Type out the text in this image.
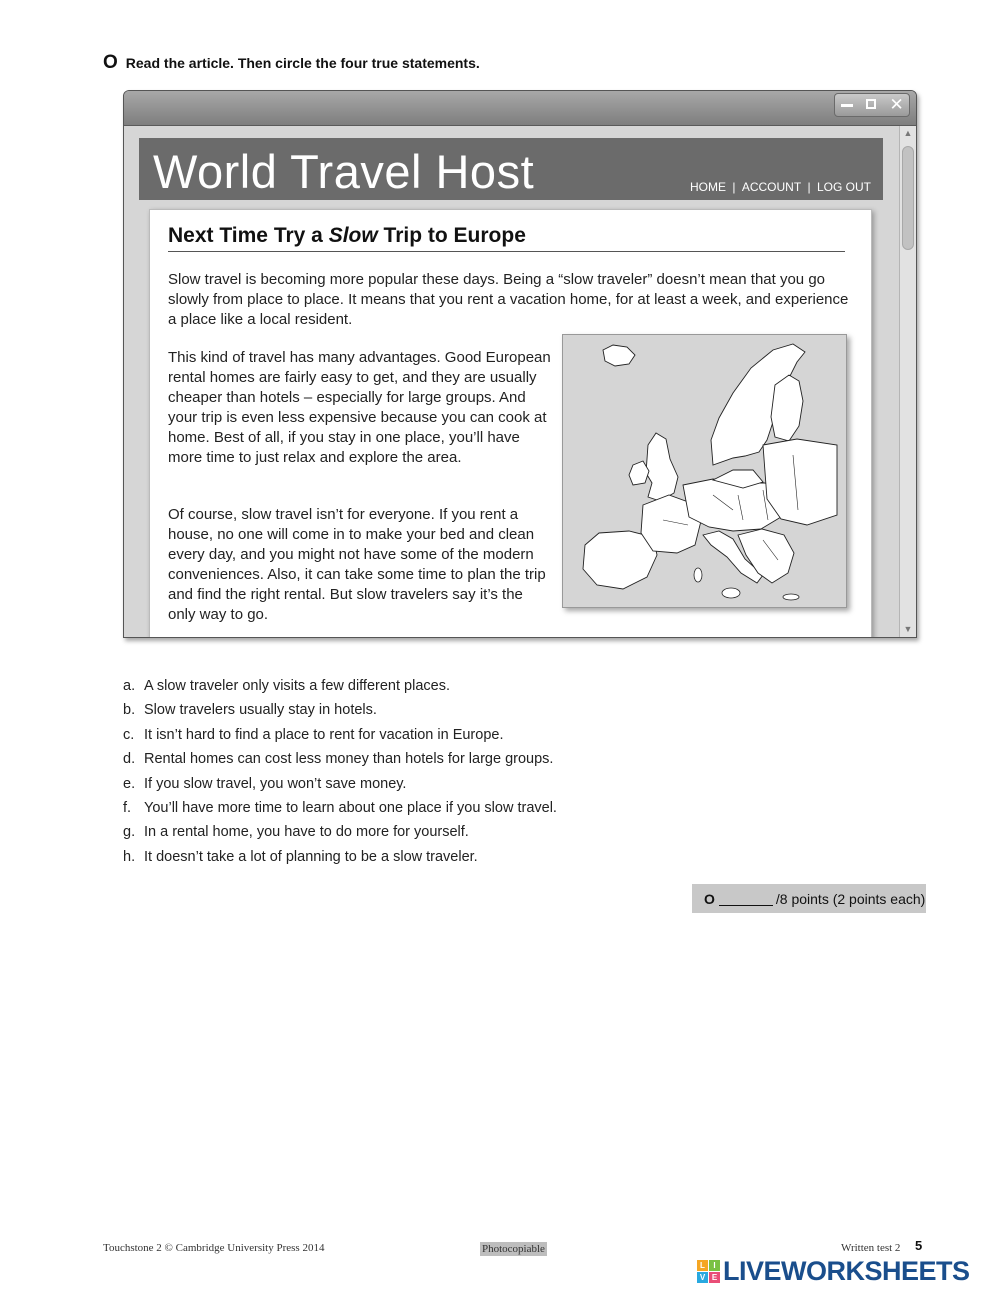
O Read the article. Then circle the four true statements.
✕
World Travel Host	HOME | ACCOUNT | LOG OUT
Next Time Try a Slow Trip to Europe
Slow travel is becoming more popular these days. Being a “slow traveler” doesn’t mean that you go slowly from place to place. It means that you rent a vacation home, for at least a week, and experience a place like a local resident.
This kind of travel has many advantages. Good European rental homes are fairly easy to get, and they are usually cheaper than hotels – especially for large groups. And your trip is even less expensive because you can cook at home. Best of all, if you stay in one place, you’ll have more time to just relax and explore the area.
Of course, slow travel isn’t for everyone. If you rent a house, no one will come in to make your bed and clean every day, and you might not have some of the modern conveniences. Also, it can take some time to plan the trip and find the right rental. But slow travelers say it’s the only way to go.
▲
▼
a. A slow traveler only visits a few different places.
b. Slow travelers usually stay in hotels.
c. It isn’t hard to find a place to rent for vacation in Europe.
d. Rental homes can cost less money than hotels for large groups.
e. If you slow travel, you won’t save money.
f. You’ll have more time to learn about one place if you slow travel.
g. In a rental home, you have to do more for yourself.
h. It doesn’t take a lot of planning to be a slow traveler.
O	/8 points (2 points each)
Touchstone 2 © Cambridge University Press 2014	Photocopiable	Written test 2 5
L	I
V E LIVEWORKSHEETS
